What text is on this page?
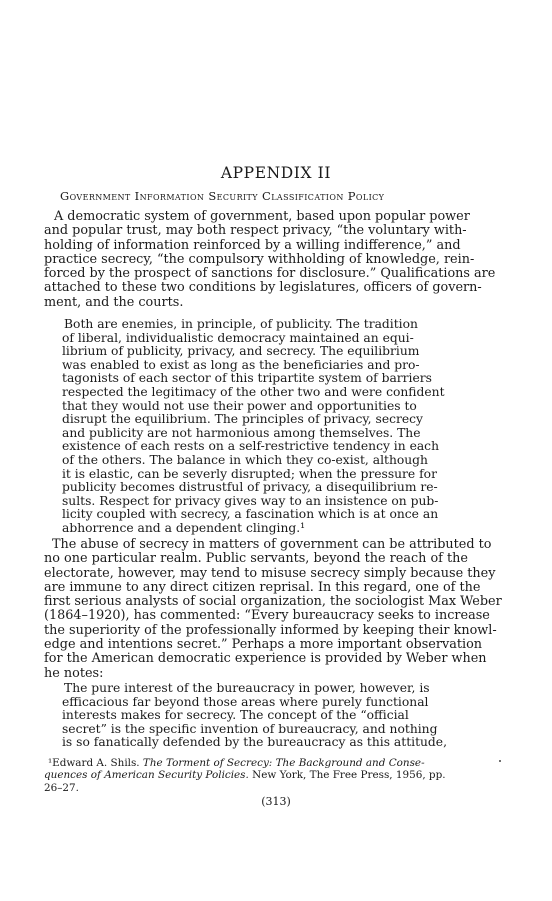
APPENDIX II
Government Information Security Classification Policy
A democratic system of government, based upon popular power
and popular trust, may both respect privacy, “the voluntary with-
holding of information reinforced by a willing indifference,” and
practice secrecy, “the compulsory withholding of knowledge, rein-
forced by the prospect of sanctions for disclosure.” Qualifications are
attached to these two conditions by legislatures, officers of govern-
ment, and the courts.
Both are enemies, in principle, of publicity. The tradition
of liberal, individualistic democracy maintained an equi-
librium of publicity, privacy, and secrecy. The equilibrium
was enabled to exist as long as the beneficiaries and pro-
tagonists of each sector of this tripartite system of barriers
respected the legitimacy of the other two and were confident
that they would not use their power and opportunities to
disrupt the equilibrium. The principles of privacy, secrecy
and publicity are not harmonious among themselves. The
existence of each rests on a self-restrictive tendency in each
of the others. The balance in which they co-exist, although
it is elastic, can be severly disrupted; when the pressure for
publicity becomes distrustful of privacy, a disequilibrium re-
sults. Respect for privacy gives way to an insistence on pub-
licity coupled with secrecy, a fascination which is at once an
abhorrence and a dependent clinging.¹
The abuse of secrecy in matters of government can be attributed to
no one particular realm. Public servants, beyond the reach of the
electorate, however, may tend to misuse secrecy simply because they
are immune to any direct citizen reprisal. In this regard, one of the
first serious analysts of social organization, the sociologist Max Weber
(1864–1920), has commented: “Every bureaucracy seeks to increase
the superiority of the professionally informed by keeping their knowl-
edge and intentions secret.” Perhaps a more important observation
for the American democratic experience is provided by Weber when
he notes:
The pure interest of the bureaucracy in power, however, is
efficacious far beyond those areas where purely functional
interests makes for secrecy. The concept of the “official
secret” is the specific invention of bureaucracy, and nothing
is so fanatically defended by the bureaucracy as this attitude,
¹Edward A. Shils. The Torment of Secrecy: The Background and Conse-
quences of American Security Policies. New York, The Free Press, 1956, pp.
26–27.
(313)
